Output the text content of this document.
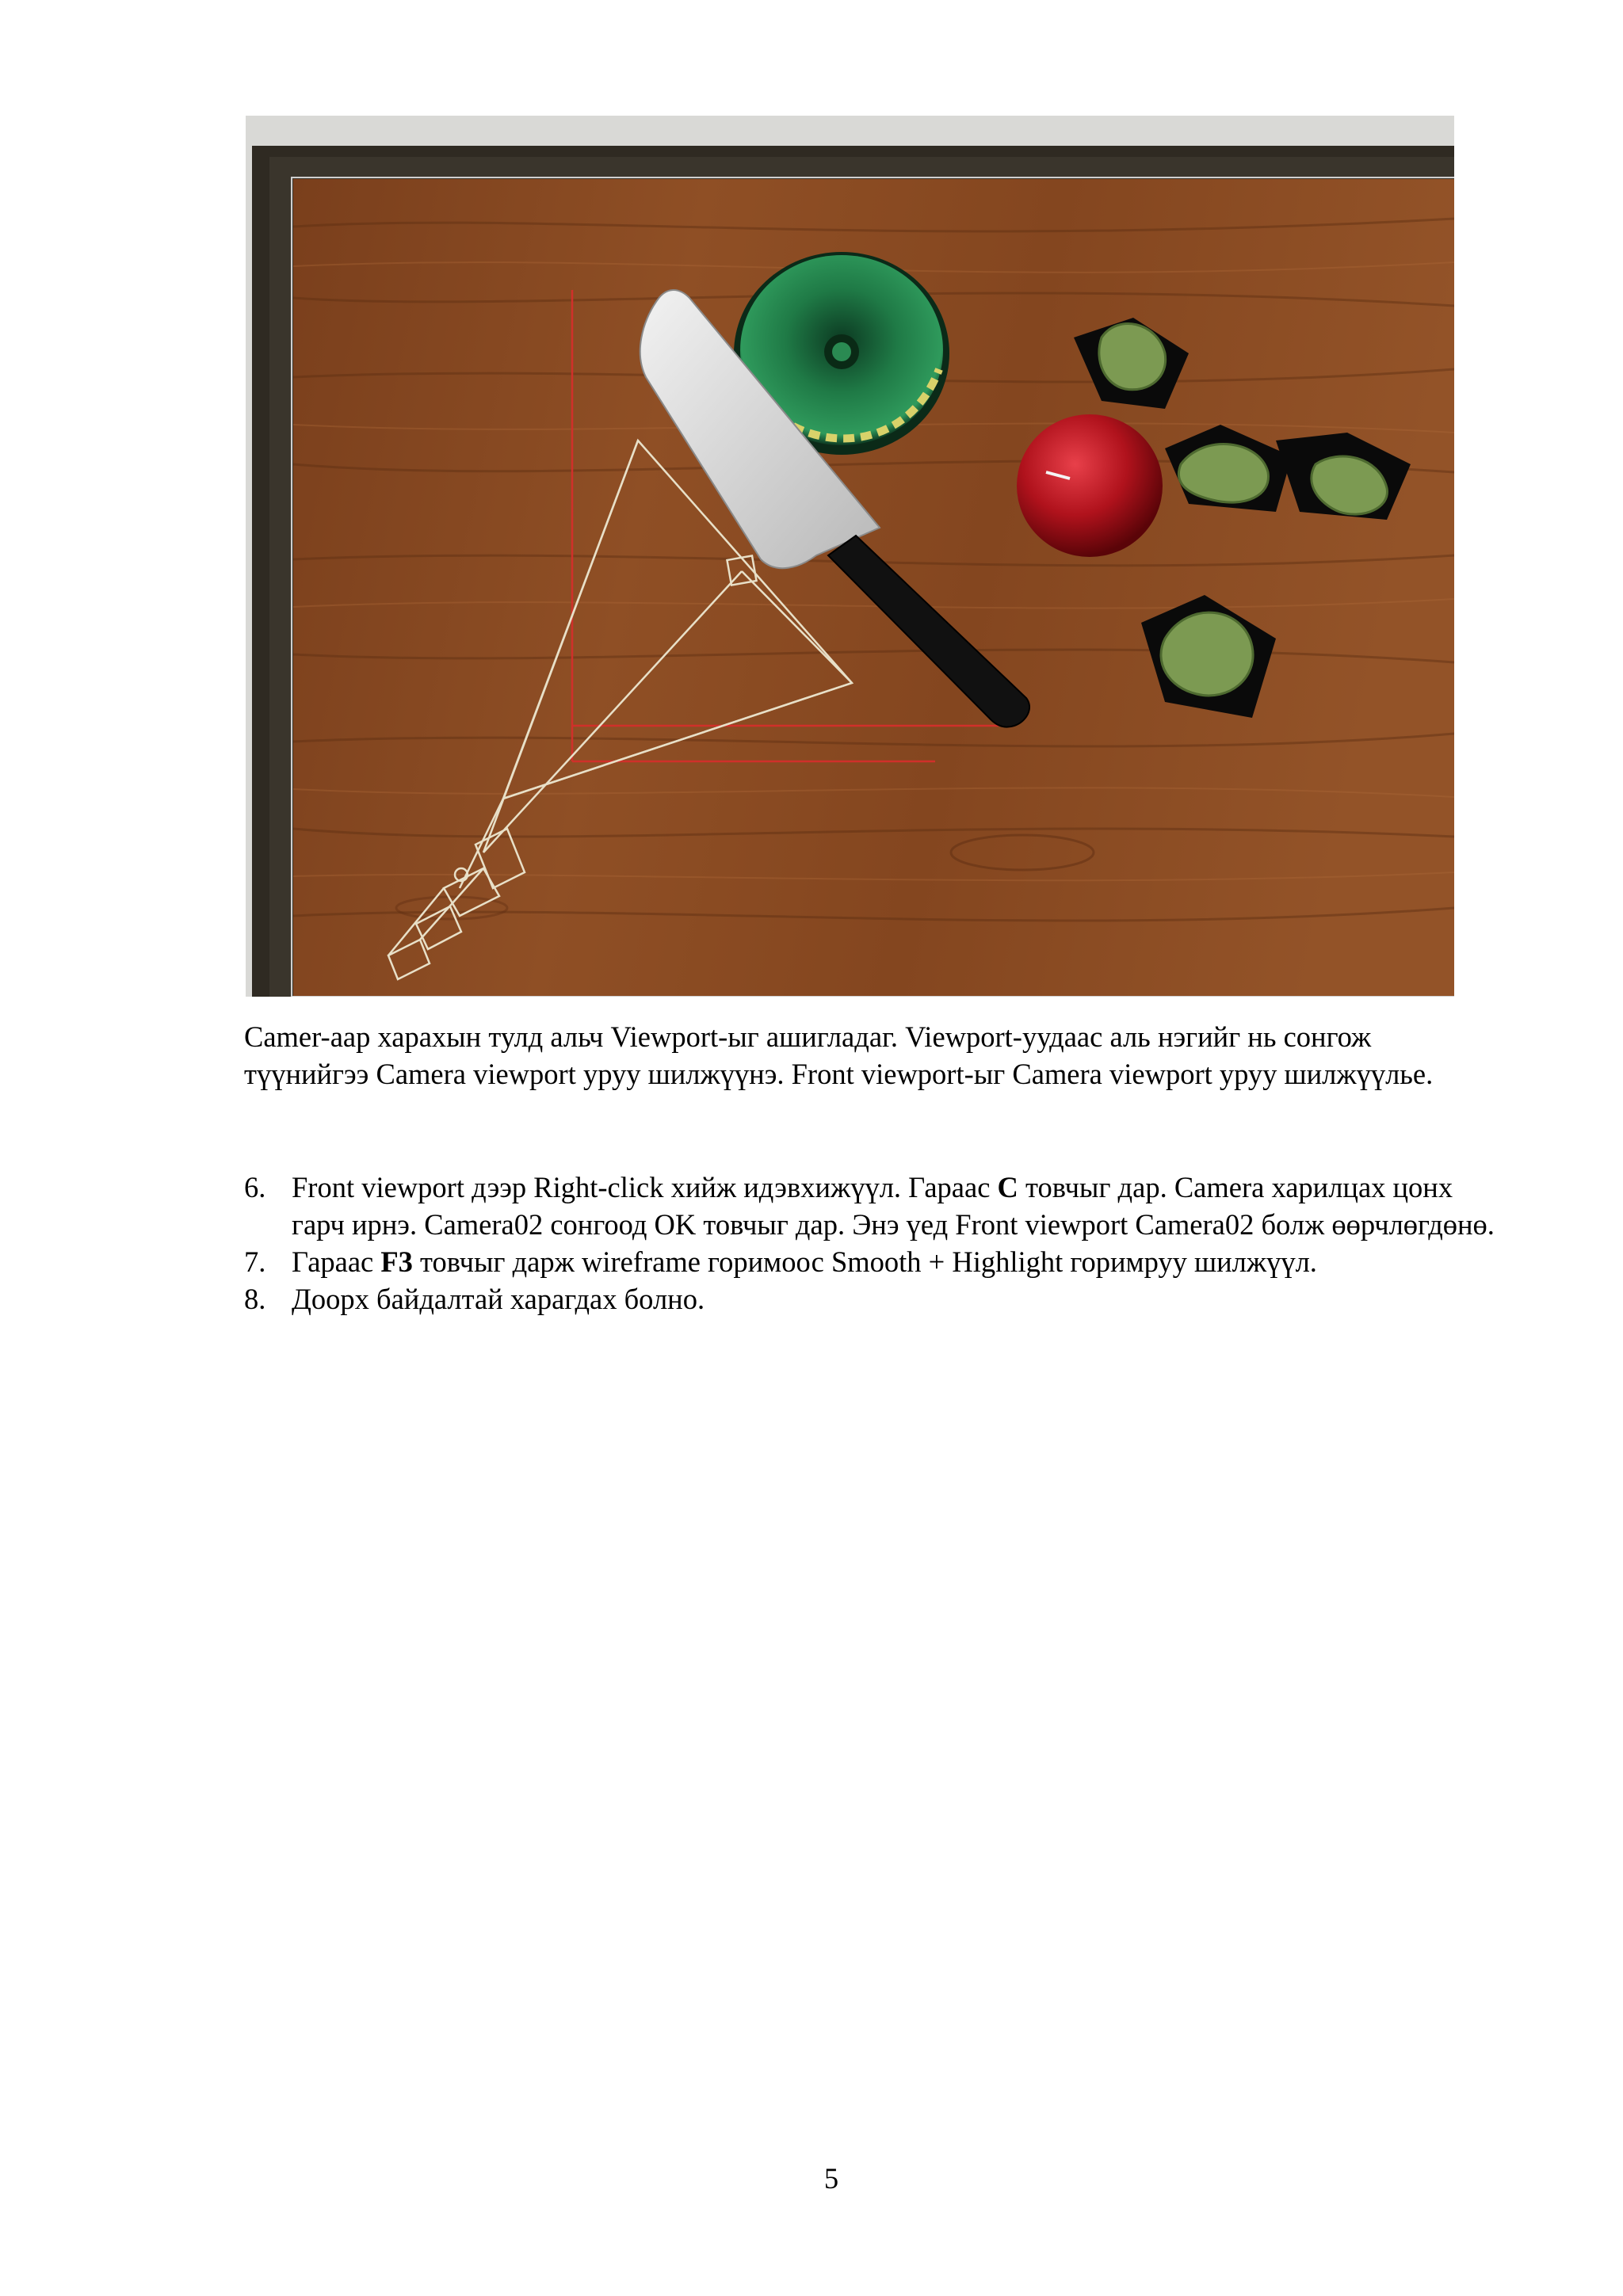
Camer-аар харахын тулд альч Viewport-ыг ашигладаг. Viewport-уудаас аль нэгийг нь сонгож түүнийгээ Camera viewport уруу шилжүүнэ. Front viewport-ыг Camera viewport уруу шилжүүлье.

6. Front viewport дээр Right-click хийж идэвхижүүл. Гараас C товчыг дар. Camera харилцах цонх гарч ирнэ. Camera02 сонгоод OK товчыг дар. Энэ үед Front viewport Camera02 болж өөрчлөгдөнө.
7. Гараас F3 товчыг дарж wireframe горимоос Smooth + Highlight горимруу шилжүүл.
8. Доорх байдалтай харагдах болно.
5
